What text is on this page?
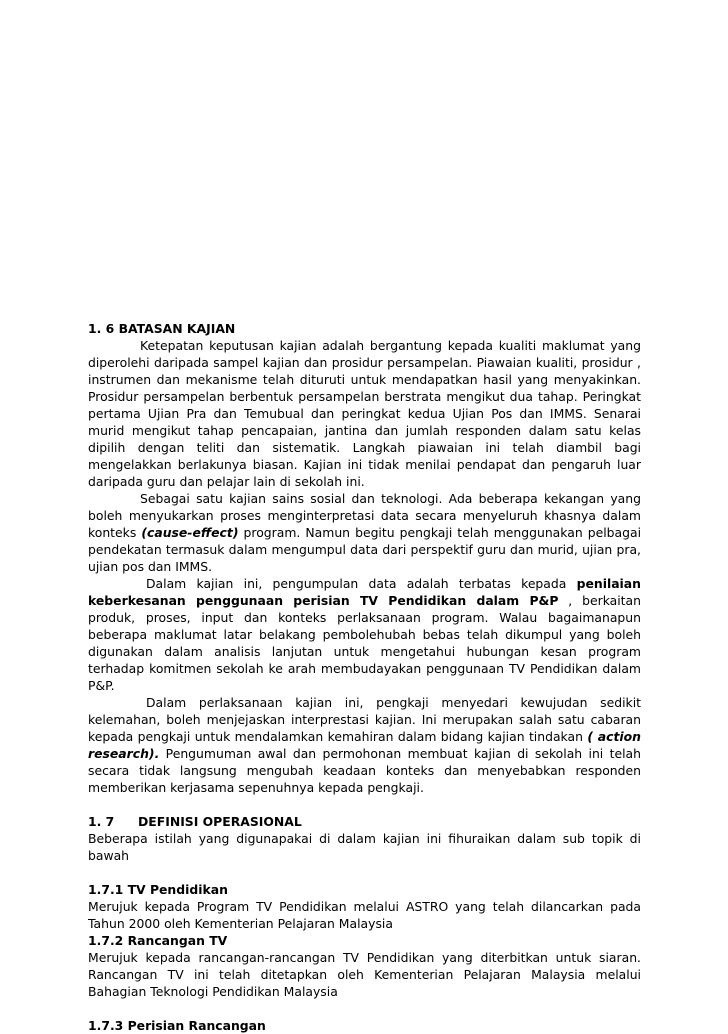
1. 6 BATASAN KAJIAN

Ketepatan keputusan kajian adalah bergantung kepada kualiti maklumat yang diperolehi daripada sampel kajian dan prosidur persampelan. Piawaian kualiti, prosidur , instrumen dan mekanisme telah dituruti untuk mendapatkan hasil yang menyakinkan. Prosidur persampelan berbentuk persampelan berstrata mengikut dua tahap. Peringkat pertama Ujian Pra dan Temubual dan peringkat kedua Ujian Pos dan IMMS. Senarai murid mengikut tahap pencapaian, jantina dan jumlah responden dalam satu kelas dipilih dengan teliti dan sistematik. Langkah piawaian ini telah diambil bagi mengelakkan berlakunya biasan. Kajian ini tidak menilai pendapat dan pengaruh luar daripada guru dan pelajar lain di sekolah ini.

Sebagai satu kajian sains sosial dan teknologi. Ada beberapa kekangan yang boleh menyukarkan proses menginterpretasi data secara menyeluruh khasnya dalam konteks (cause-effect) program. Namun begitu pengkaji telah menggunakan pelbagai pendekatan termasuk dalam mengumpul data dari perspektif guru dan murid, ujian pra, ujian pos dan IMMS.

Dalam kajian ini, pengumpulan data adalah terbatas kepada penilaian keberkesanan penggunaan perisian TV Pendidikan dalam P&P , berkaitan produk, proses, input dan konteks perlaksanaan program. Walau bagaimanapun beberapa maklumat latar belakang pembolehubah bebas telah dikumpul yang boleh digunakan dalam analisis lanjutan untuk mengetahui hubungan kesan program terhadap komitmen sekolah ke arah membudayakan penggunaan TV Pendidikan dalam P&P.

Dalam perlaksanaan kajian ini, pengkaji menyedari kewujudan sedikit kelemahan, boleh menjejaskan interprestasi kajian. Ini merupakan salah satu cabaran kepada pengkaji untuk mendalamkan kemahiran dalam bidang kajian tindakan ( action research). Pengumuman awal dan permohonan membuat kajian di sekolah ini telah secara tidak langsung mengubah keadaan konteks dan menyebabkan responden memberikan kerjasama sepenuhnya kepada pengkaji.

1. 7 DEFINISI OPERASIONAL

Beberapa istilah yang digunapakai di dalam kajian ini fihuraikan dalam sub topik di bawah

1.7.1 TV Pendidikan

Merujuk kepada Program TV Pendidikan melalui ASTRO yang telah dilancarkan pada Tahun 2000 oleh Kementerian Pelajaran Malaysia

1.7.2 Rancangan TV

Merujuk kepada rancangan-rancangan TV Pendidikan yang diterbitkan untuk siaran. Rancangan TV ini telah ditetapkan oleh Kementerian Pelajaran Malaysia melalui Bahagian Teknologi Pendidikan Malaysia

1.7.3 Perisian Rancangan
